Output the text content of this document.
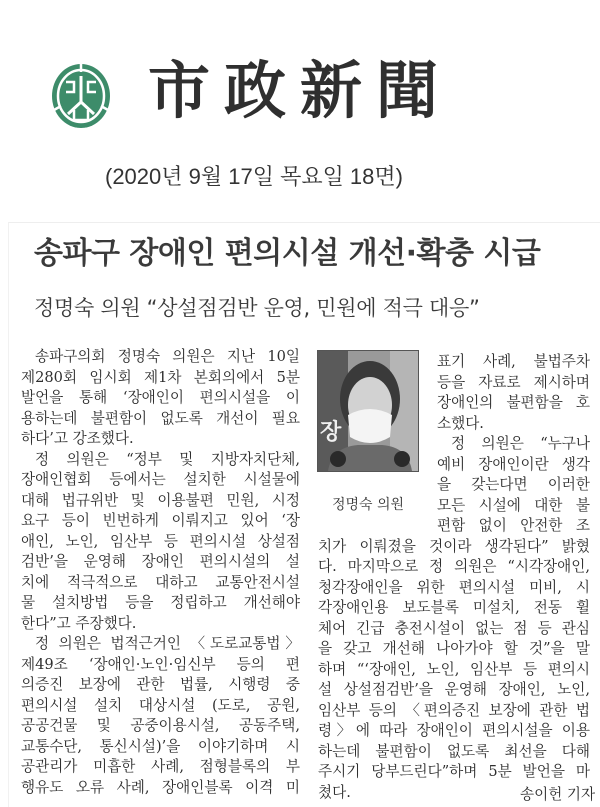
市政新聞
(2020년 9월 17일 목요일 18면)
송파구 장애인 편의시설 개선·확충 시급
정명숙 의원 “상설점검반 운영, 민원에 적극 대응”
송파구의회 정명숙 의원은 지난 10일
제280회 임시회 제1차 본회의에서 5분
발언을 통해 ‘장애인이 편의시설을 이
용하는데 불편함이 없도록 개선이 필요
하다’고 강조했다.
정 의원은 “정부 및 지방자치단체,
장애인협회 등에서는 설치한 시설물에
대해 법규위반 및 이용불편 민원, 시정
요구 등이 빈번하게 이뤄지고 있어 ‘장
애인, 노인, 임산부 등 편의시설 상설점
검반’을 운영해 장애인 편의시설의 설
치에 적극적으로 대하고 교통안전시설
물 설치방법 등을 정립하고 개선해야
한다”고 주장했다.
정 의원은 법적근거인 〈도로교통법〉
제49조 ‘장애인·노인·임신부 등의 편
의증진 보장에 관한 법률, 시행령 중
편의시설 설치 대상시설 (도로, 공원,
공공건물 및 공중이용시설, 공동주택,
교통수단, 통신시설)’을 이야기하며 시
공관리가 미흡한 사례, 점형블록의 부
행유도 오류 사례, 장애인블록 이격 미
장
정명숙 의원
표기 사례, 불법주차
등을 자료로 제시하며
장애인의 불편함을 호
소했다.
정 의원은 “누구나
예비 장애인이란 생각
을 갖는다면 이러한
모든 시설에 대한 불
편함 없이 안전한 조
치가 이뤄졌을 것이라 생각된다” 밝혔
다. 마지막으로 정 의원은 “시각장애인,
청각장애인을 위한 편의시설 미비, 시
각장애인용 보도블록 미설치, 전동 휠
체어 긴급 충전시설이 없는 점 등 관심
을 갖고 개선해 나아가야 할 것”을 말
하며 “‘장애인, 노인, 임산부 등 편의시
설 상설점검반’을 운영해 장애인, 노인,
임산부 등의 〈편의증진 보장에 관한 법
령〉에 따라 장애인이 편의시설을 이용
하는데 불편함이 없도록 최선을 다해
주시기 당부드린다”하며 5분 발언을 마
쳤다.	송이헌 기자
